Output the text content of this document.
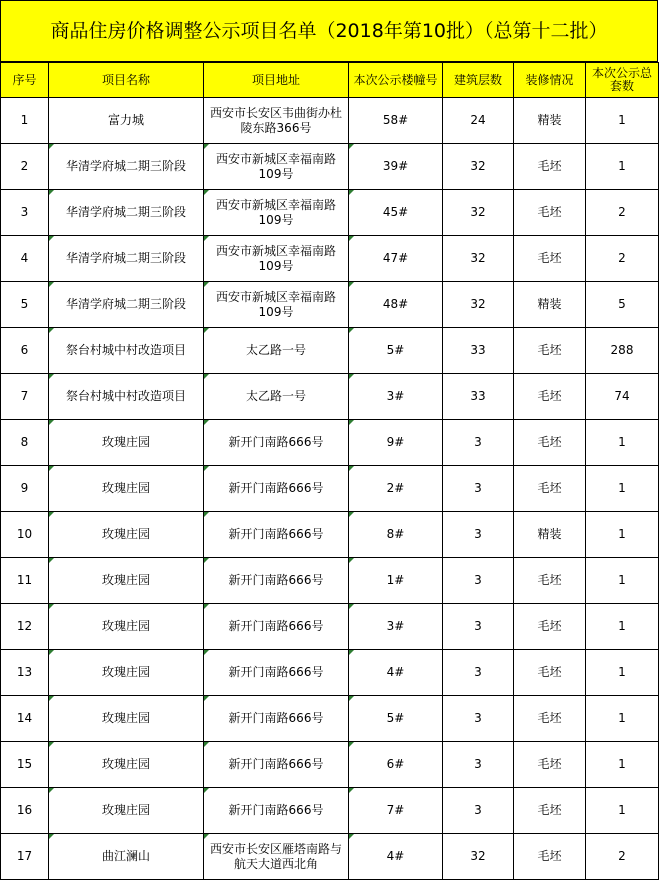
商品住房价格调整公示项目名单（2018年第10批）（总第十二批）
序号	项目名称	项目地址	本次公示楼幢号	建筑层数	装修情况	本次公示总套数
1	富力城	西安市长安区韦曲街办杜陵东路366号	58#	24	精装	1
2	华清学府城二期三阶段	西安市新城区幸福南路109号	39#	32	毛坯	1
3	华清学府城二期三阶段	西安市新城区幸福南路109号	45#	32	毛坯	2
4	华清学府城二期三阶段	西安市新城区幸福南路109号	47#	32	毛坯	2
5	华清学府城二期三阶段	西安市新城区幸福南路109号	48#	32	精装	5
6	祭台村城中村改造项目	太乙路一号	5#	33	毛坯	288
7	祭台村城中村改造项目	太乙路一号	3#	33	毛坯	74
8	玫瑰庄园	新开门南路666号	9#	3	毛坯	1
9	玫瑰庄园	新开门南路666号	2#	3	毛坯	1
10	玫瑰庄园	新开门南路666号	8#	3	精装	1
11	玫瑰庄园	新开门南路666号	1#	3	毛坯	1
12	玫瑰庄园	新开门南路666号	3#	3	毛坯	1
13	玫瑰庄园	新开门南路666号	4#	3	毛坯	1
14	玫瑰庄园	新开门南路666号	5#	3	毛坯	1
15	玫瑰庄园	新开门南路666号	6#	3	毛坯	1
16	玫瑰庄园	新开门南路666号	7#	3	毛坯	1
17	曲江澜山	西安市长安区雁塔南路与航天大道西北角	4#	32	毛坯	2
